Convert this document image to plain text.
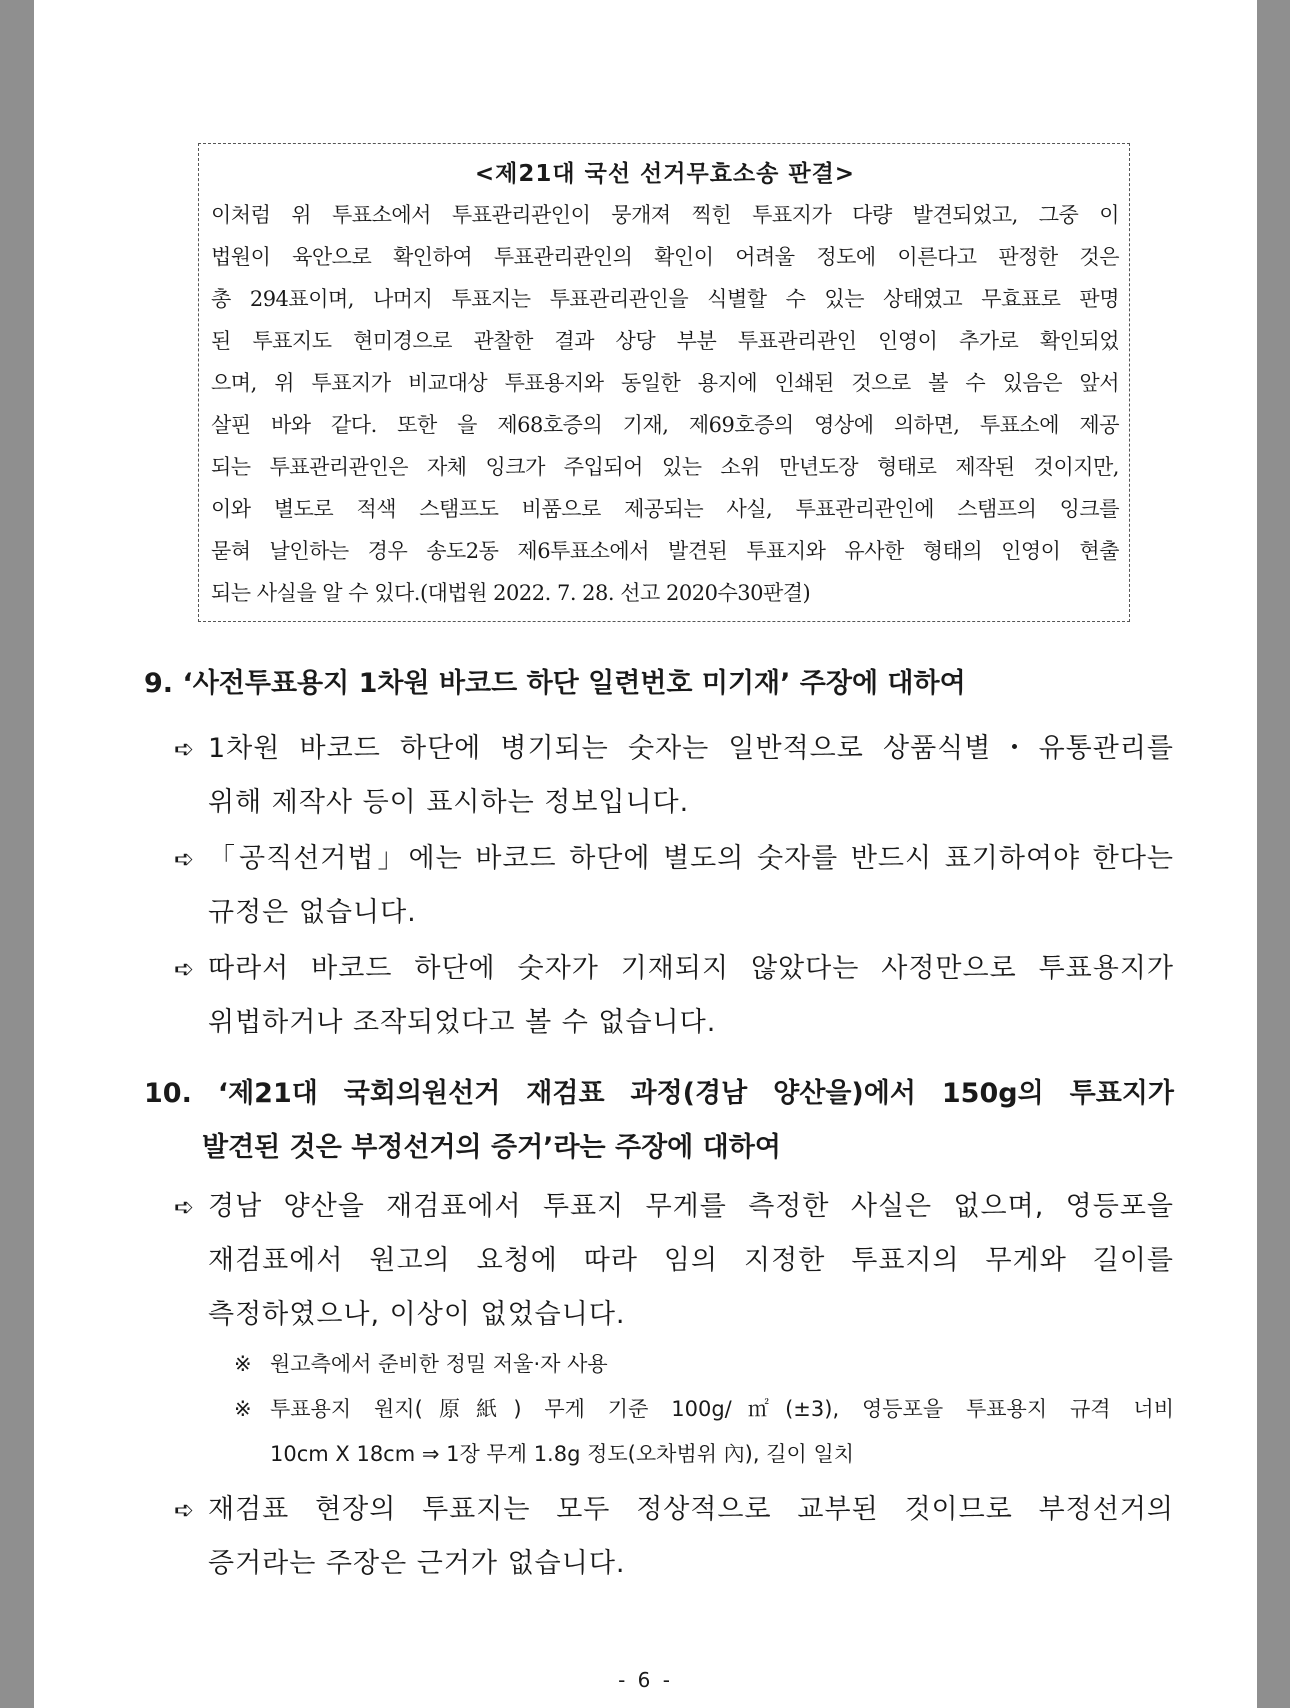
<제21대 국선 선거무효소송 판결>
이처럼 위 투표소에서 투표관리관인이 뭉개져 찍힌 투표지가 다량 발견되었고, 그중 이
법원이 육안으로 확인하여 투표관리관인의 확인이 어려울 정도에 이른다고 판정한 것은
총 294표이며, 나머지 투표지는 투표관리관인을 식별할 수 있는 상태였고 무효표로 판명
된 투표지도 현미경으로 관찰한 결과 상당 부분 투표관리관인 인영이 추가로 확인되었
으며, 위 투표지가 비교대상 투표용지와 동일한 용지에 인쇄된 것으로 볼 수 있음은 앞서
살핀 바와 같다. 또한 을 제68호증의 기재, 제69호증의 영상에 의하면, 투표소에 제공
되는 투표관리관인은 자체 잉크가 주입되어 있는 소위 만년도장 형태로 제작된 것이지만,
이와 별도로 적색 스탬프도 비품으로 제공되는 사실, 투표관리관인에 스탬프의 잉크를
묻혀 날인하는 경우 송도2동 제6투표소에서 발견된 투표지와 유사한 형태의 인영이 현출
되는 사실을 알 수 있다.(대법원 2022. 7. 28. 선고 2020수30판결)
9. ‘사전투표용지 1차원 바코드 하단 일련번호 미기재’ 주장에 대하여
➪ 1차원 바코드 하단에 병기되는 숫자는 일반적으로 상품식별・유통관리를
위해 제작사 등이 표시하는 정보입니다.
➪ 「공직선거법」에는 바코드 하단에 별도의 숫자를 반드시 표기하여야 한다는
규정은 없습니다.
➪ 따라서 바코드 하단에 숫자가 기재되지 않았다는 사정만으로 투표용지가
위법하거나 조작되었다고 볼 수 없습니다.
10. ‘제21대 국회의원선거 재검표 과정(경남 양산을)에서 150g의 투표지가
발견된 것은 부정선거의 증거’라는 주장에 대하여
➪ 경남 양산을 재검표에서 투표지 무게를 측정한 사실은 없으며, 영등포을
재검표에서 원고의 요청에 따라 임의 지정한 투표지의 무게와 길이를
측정하였으나, 이상이 없었습니다.
※ 원고측에서 준비한 정밀 저울·자 사용
※ 투표용지 원지(原紙) 무게 기준 100g/㎡(±3), 영등포을 투표용지 규격 너비
10cm X 18cm ⇒ 1장 무게 1.8g 정도(오차범위 內), 길이 일치
➪ 재검표 현장의 투표지는 모두 정상적으로 교부된 것이므로 부정선거의
증거라는 주장은 근거가 없습니다.
- 6 -
